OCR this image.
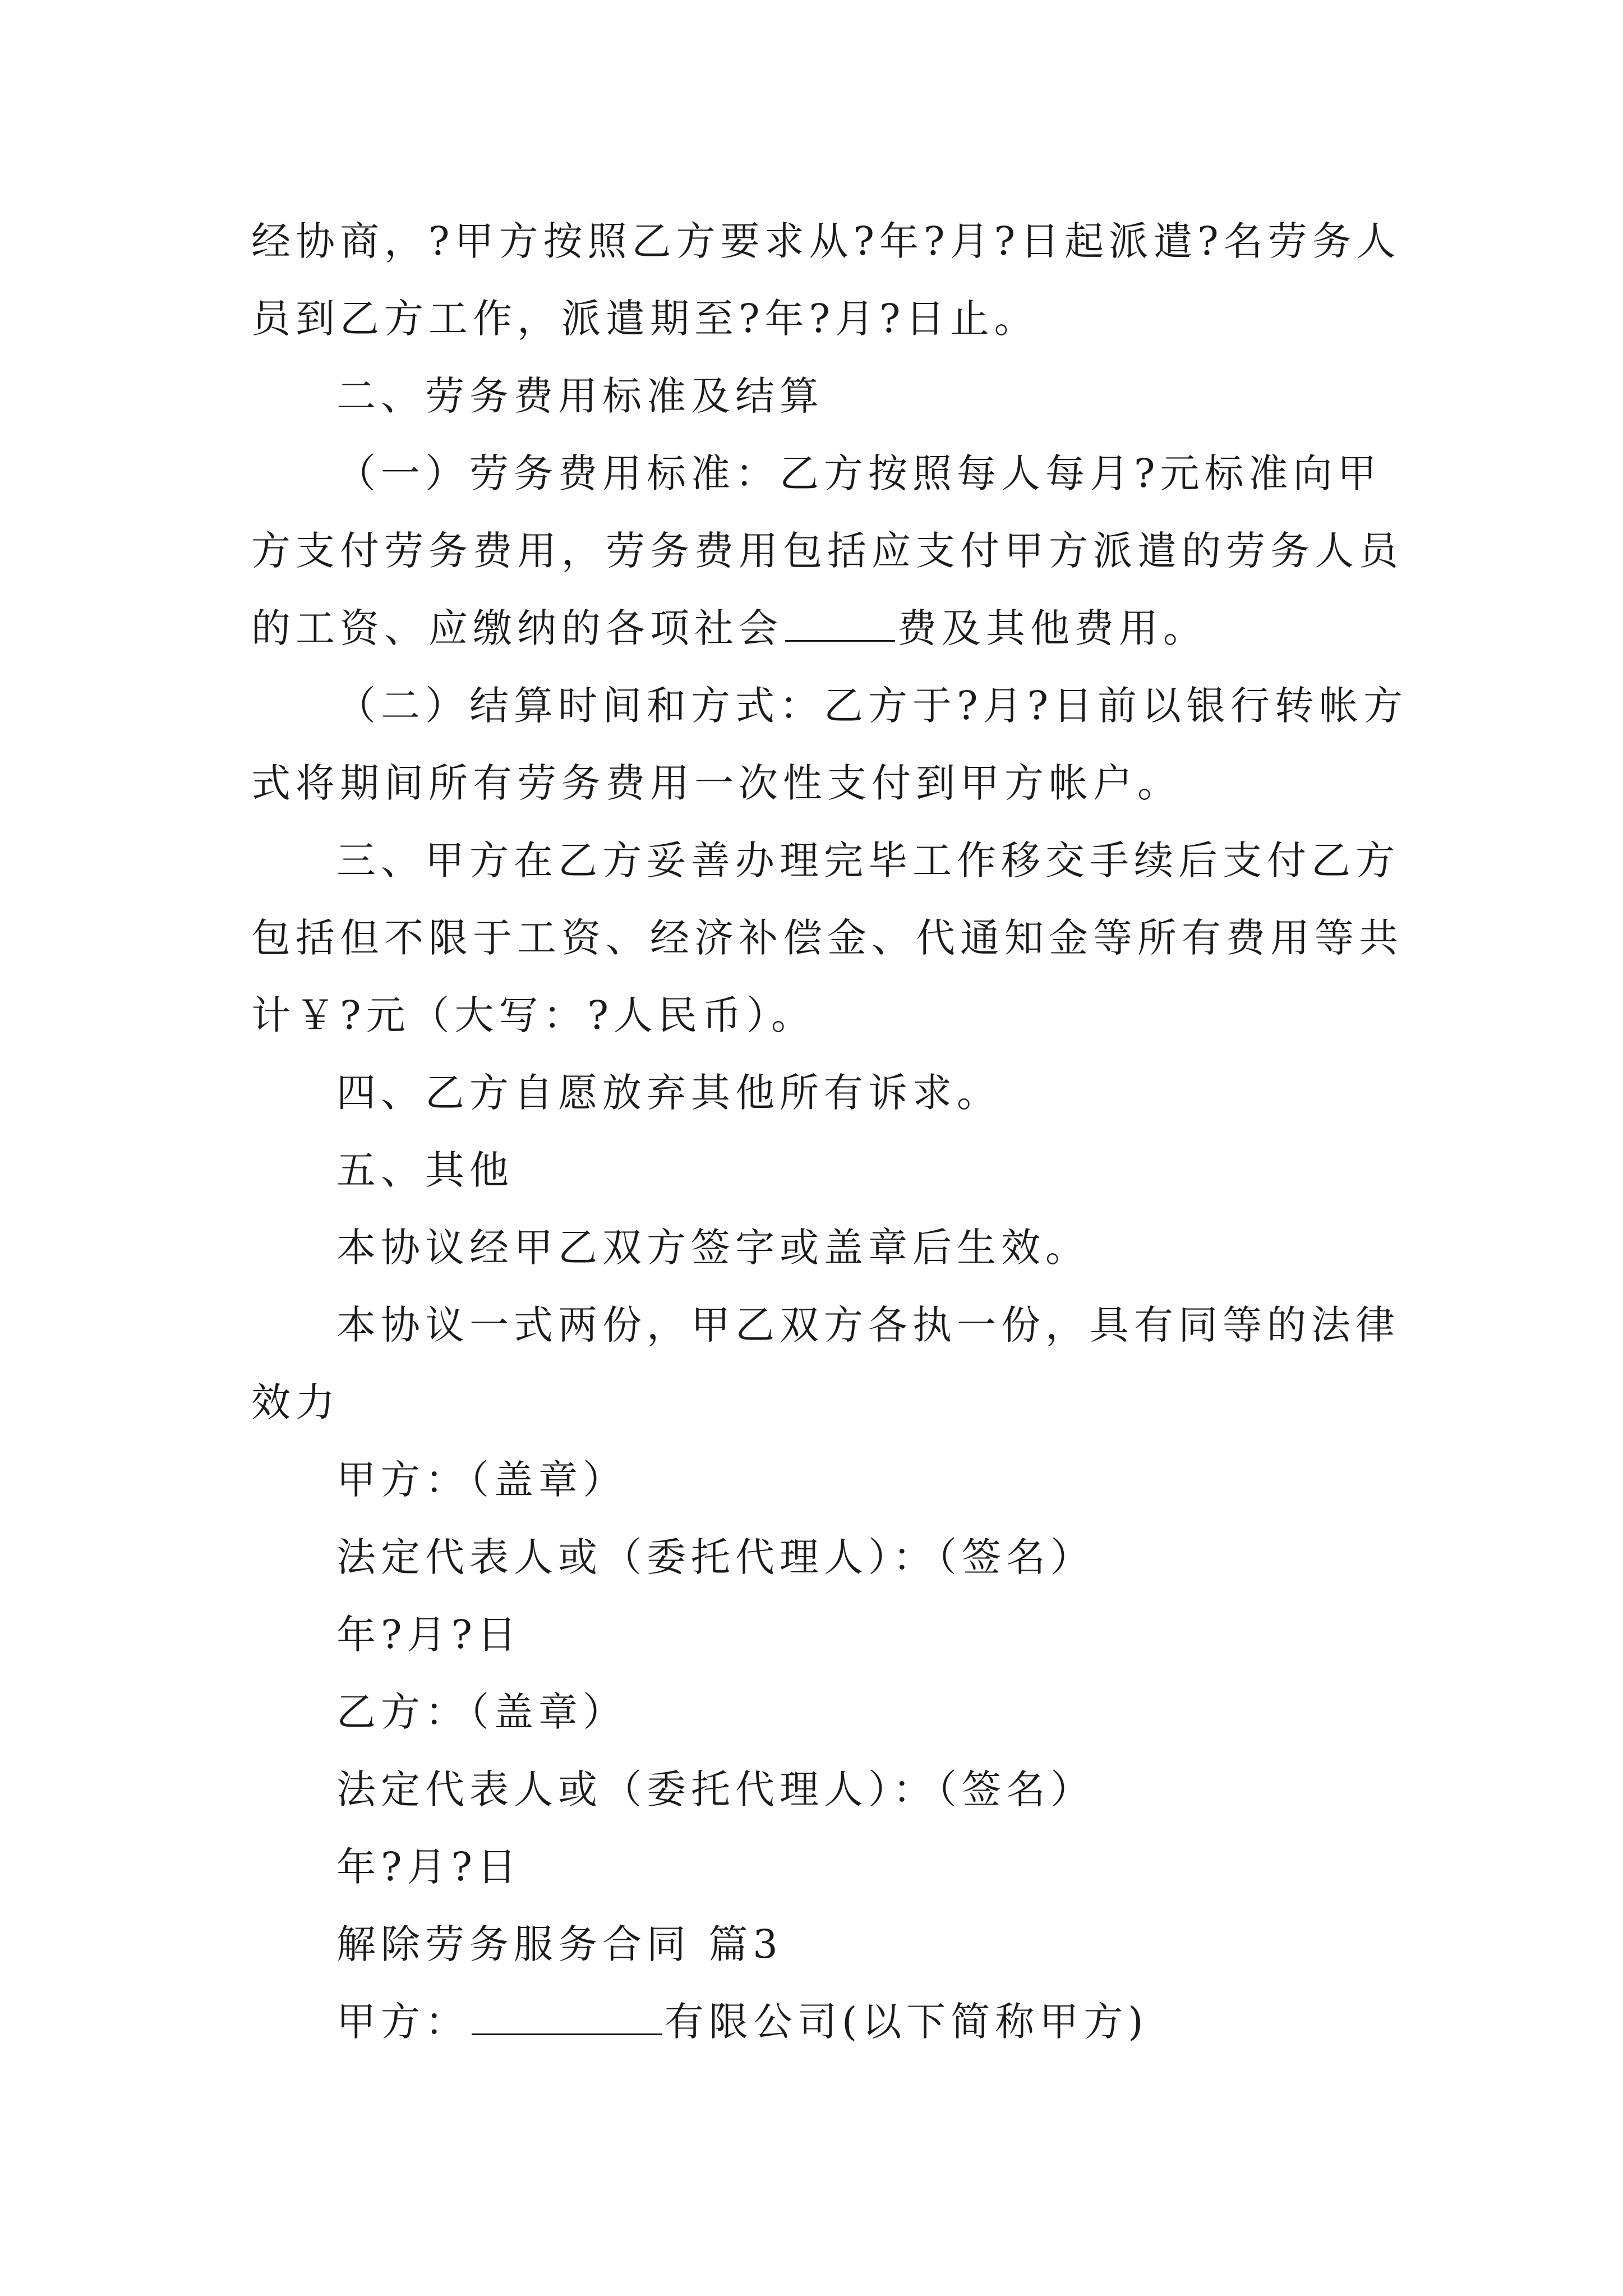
经协商，?甲方按照乙方要求从?年?月?日起派遣?名劳务人
员到乙方工作，派遣期至?年?月?日止。
二、劳务费用标准及结算
（一）劳务费用标准：乙方按照每人每月?元标准向甲
方支付劳务费用，劳务费用包括应支付甲方派遣的劳务人员
的工资、应缴纳的各项社会	费及其他费用。
（二）结算时间和方式：乙方于?月?日前以银行转帐方
式将期间所有劳务费用一次性支付到甲方帐户。
三、甲方在乙方妥善办理完毕工作移交手续后支付乙方
包括但不限于工资、经济补偿金、代通知金等所有费用等共
计￥?元（大写：?人民币）。
四、乙方自愿放弃其他所有诉求。
五、其他
本协议经甲乙双方签字或盖章后生效。
本协议一式两份，甲乙双方各执一份，具有同等的法律
效力
甲方：（盖章）
法定代表人或（委托代理人）：（签名）
年?月?日
乙方：（盖章）
法定代表人或（委托代理人）：（签名）
年?月?日
解除劳务服务合同 篇3
甲方：	有限公司(以下简称甲方)
